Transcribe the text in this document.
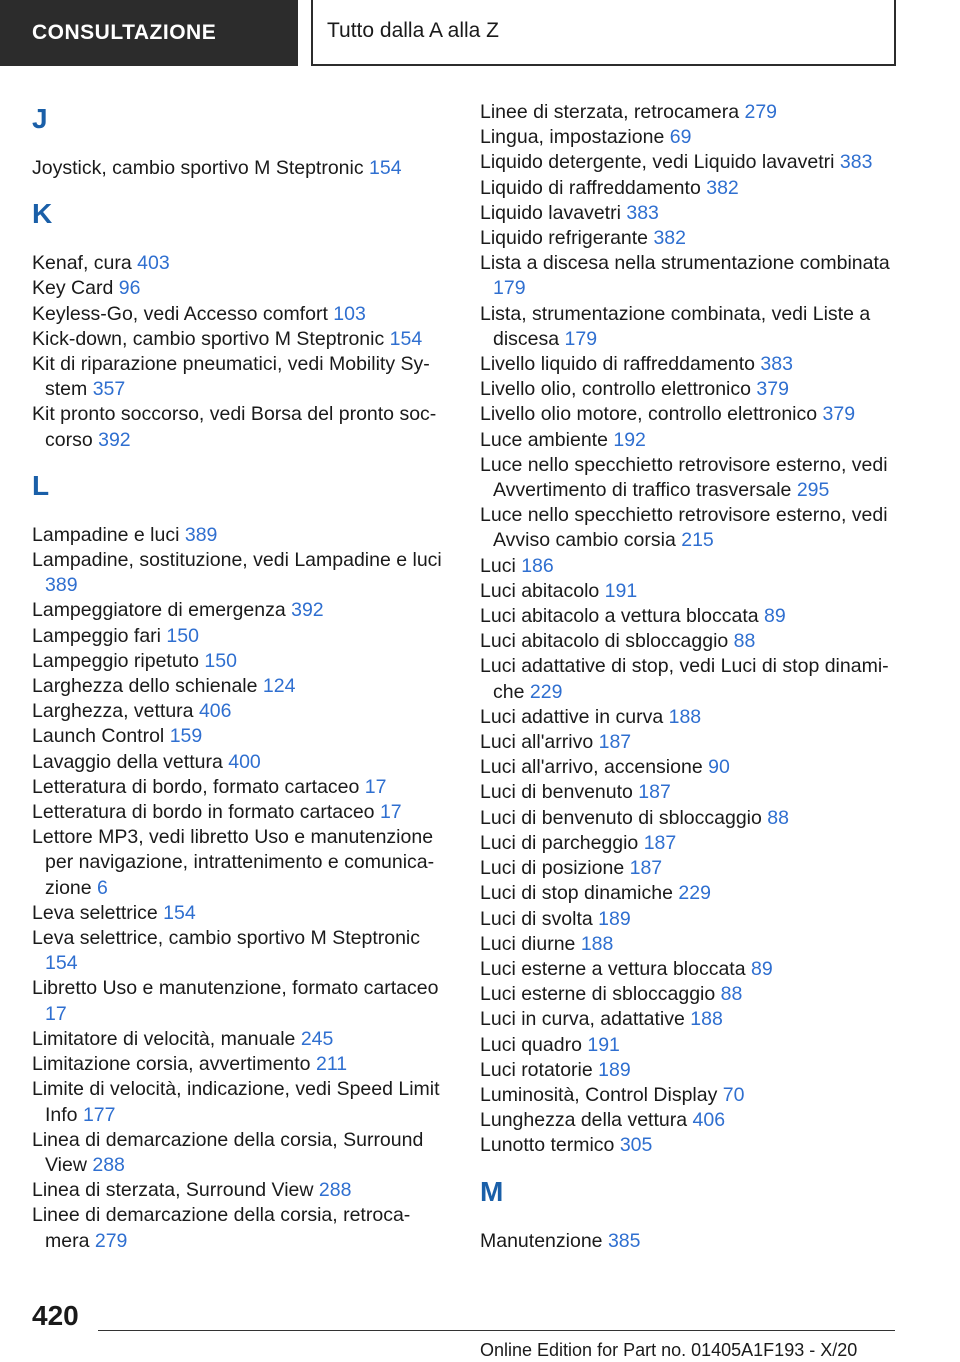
CONSULTAZIONE	Tutto dalla A alla Z
J
Joystick, cambio sportivo M Steptronic 154
K
Kenaf, cura 403
Key Card 96
Keyless-Go, vedi Accesso comfort 103
Kick-down, cambio sportivo M Steptronic 154
Kit di riparazione pneumatici, vedi Mobility System 357
Kit pronto soccorso, vedi Borsa del pronto soccorso 392
L
Lampadine e luci 389
Lampadine, sostituzione, vedi Lampadine e luci 389
Lampeggiatore di emergenza 392
Lampeggio fari 150
Lampeggio ripetuto 150
Larghezza dello schienale 124
Larghezza, vettura 406
Launch Control 159
Lavaggio della vettura 400
Letteratura di bordo, formato cartaceo 17
Letteratura di bordo in formato cartaceo 17
Lettore MP3, vedi libretto Uso e manutenzione per navigazione, intrattenimento e comunicazione 6
Leva selettrice 154
Leva selettrice, cambio sportivo M Steptronic 154
Libretto Uso e manutenzione, formato cartaceo 17
Limitatore di velocità, manuale 245
Limitazione corsia, avvertimento 211
Limite di velocità, indicazione, vedi Speed Limit Info 177
Linea di demarcazione della corsia, Surround View 288
Linea di sterzata, Surround View 288
Linee di demarcazione della corsia, retrocamera 279
Linee di sterzata, retrocamera 279
Lingua, impostazione 69
Liquido detergente, vedi Liquido lavavetri 383
Liquido di raffreddamento 382
Liquido lavavetri 383
Liquido refrigerante 382
Lista a discesa nella strumentazione combinata 179
Lista, strumentazione combinata, vedi Liste a discesa 179
Livello liquido di raffreddamento 383
Livello olio, controllo elettronico 379
Livello olio motore, controllo elettronico 379
Luce ambiente 192
Luce nello specchietto retrovisore esterno, vedi Avvertimento di traffico trasversale 295
Luce nello specchietto retrovisore esterno, vedi Avviso cambio corsia 215
Luci 186
Luci abitacolo 191
Luci abitacolo a vettura bloccata 89
Luci abitacolo di sbloccaggio 88
Luci adattative di stop, vedi Luci di stop dinamiche 229
Luci adattive in curva 188
Luci all'arrivo 187
Luci all'arrivo, accensione 90
Luci di benvenuto 187
Luci di benvenuto di sbloccaggio 88
Luci di parcheggio 187
Luci di posizione 187
Luci di stop dinamiche 229
Luci di svolta 189
Luci diurne 188
Luci esterne a vettura bloccata 89
Luci esterne di sbloccaggio 88
Luci in curva, adattative 188
Luci quadro 191
Luci rotatorie 189
Luminosità, Control Display 70
Lunghezza della vettura 406
Lunotto termico 305
M
Manutenzione 385
420
Online Edition for Part no. 01405A1F193 - X/20
